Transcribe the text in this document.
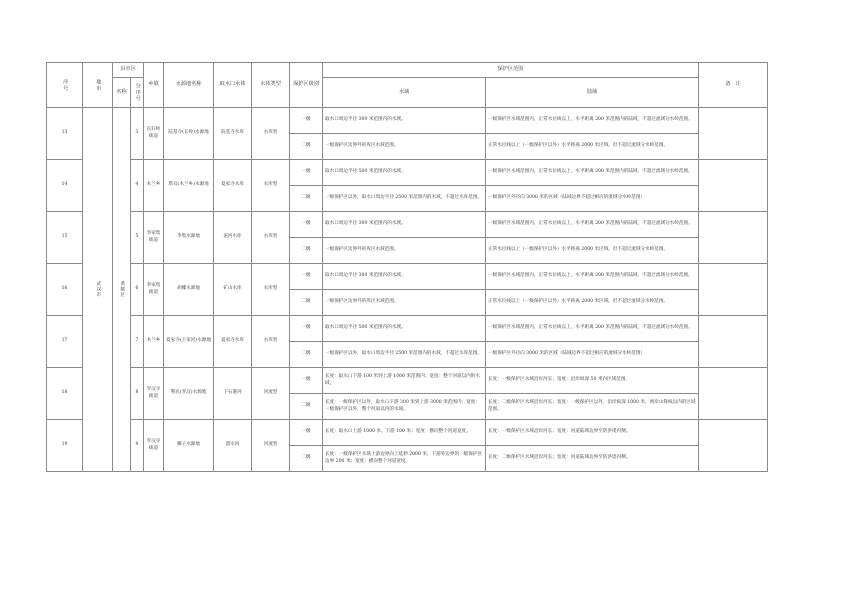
序号	地市	县市区		乡镇	水源地名称	取水口水体	水体类型	保护区级别	保护区范围		备　注
		名称	分序号						水域	陆域	

13	武汉市	黄陂区	3	长轩岭街道	院基寺(长岭)水源地	院基寺水库	水库型	一级	取水口周边半径 300 米范围内的水域。	一级保护区水域范围内，正常水位线以上，水平距离 200 米范围内的陆域，不超过流域分水岭范围。	
								二级	一级保护区边界外的库区水域范围。	正常水位线以上（一级保护区以外）水平距离 2000 米区域，但不超过流域分水岭范围。	
14			4	木兰乡	塔耳(木兰乡)水源地	夏家寺水库	水库型	一级	取水口周边半径 500 米范围内的水域。	一级保护区水域范围内，正常水位线以上，水平距离 200 米范围内的陆域，不超过流域分水岭范围。	
								二级	一级保护区以外，取水口周边半径 2500 米范围内的水域，不超过水库范围。	一级保护区外径向 3000 米的区域（陆域边界不超过相应的流域分水岭范围）	
15			5	李家集街道	李集水源地	泥河水库	水库型	一级	取水口周边半径 300 米范围内的水域。	一级保护区水域范围内，正常水位线以上，水平距离 200 米范围内的陆域，不超过流域分水岭范围。	
								二级	一级保护区边界外的库区水域范围。	正常水位线以上（一级保护区以外）水平距离 2000 米区域，但不超过流域分水岭范围。	
16			6	李家集街道	胡椰水源地	矿山水库	水库型	一级	取水口周边半径 300 米范围内的水域。	一级保护区水域范围内，正常水位线以上，水平距离 200 米范围内的陆域，不超过流域分水岭范围。	
								二级	一级保护区边界外的库区水域范围。	正常水位线以上（一级保护区以外）水平距离 2000 米区域，但不超过流域分水岭范围。	
17			7	木兰乡	夏家寺(王家河)水源地	夏家寺水库	水库型	一级	取水口周边半径 500 米范围内的水域。	一级保护区水域范围内，正常水位线以上，水平距离 200 米范围内的陆域，不超过流域分水岭范围。	
								二级	一级保护区以外，取水口周边半径 2500 米范围内的水域，不超过水库范围。	一级保护区外径向 3000 米的区域（陆域边界不超过相应的流域分水岭范围）	
18			8	罗汉寺街道	利民(罗汉)水源地	下石港河	河流型	一级	长度：取水口下游 100 米到上游 1000 米范围内；宽度：整个河道以内的水域。	长度：一级保护区水域沿岸河长；宽度：沿岸纵深 50 米内区域范围。	
								二级	长度：一级保护区以外，取水口下游 300 米到上游 3000 米范围内；宽度：一级保护区以外，整个河道以内的水域。	长度：二级保护区水域沿岸河长；宽度：一级保护区以外，沿岸纵深 1000 米，两岸山脊线以内的区域范围。	
19			9	罗汉寺街道	狮子水源地	滠水河	河流型	一级	长度：取水口上游 1000 米，下游 100 米；宽度：横向整个河道宽度。	长度：一级保护区水域沿岸河长；宽度：河道陆域边界至防洪堤内侧。	
								二级	长度：一级保护区水域上游边界向上延伸 2000 米，下游外边界的一级保护区边界 200 米；宽度：横向整个河道宽度。	长度：二级保护区水域沿岸河长；宽度：河道陆域边界至防洪堤内侧。	
